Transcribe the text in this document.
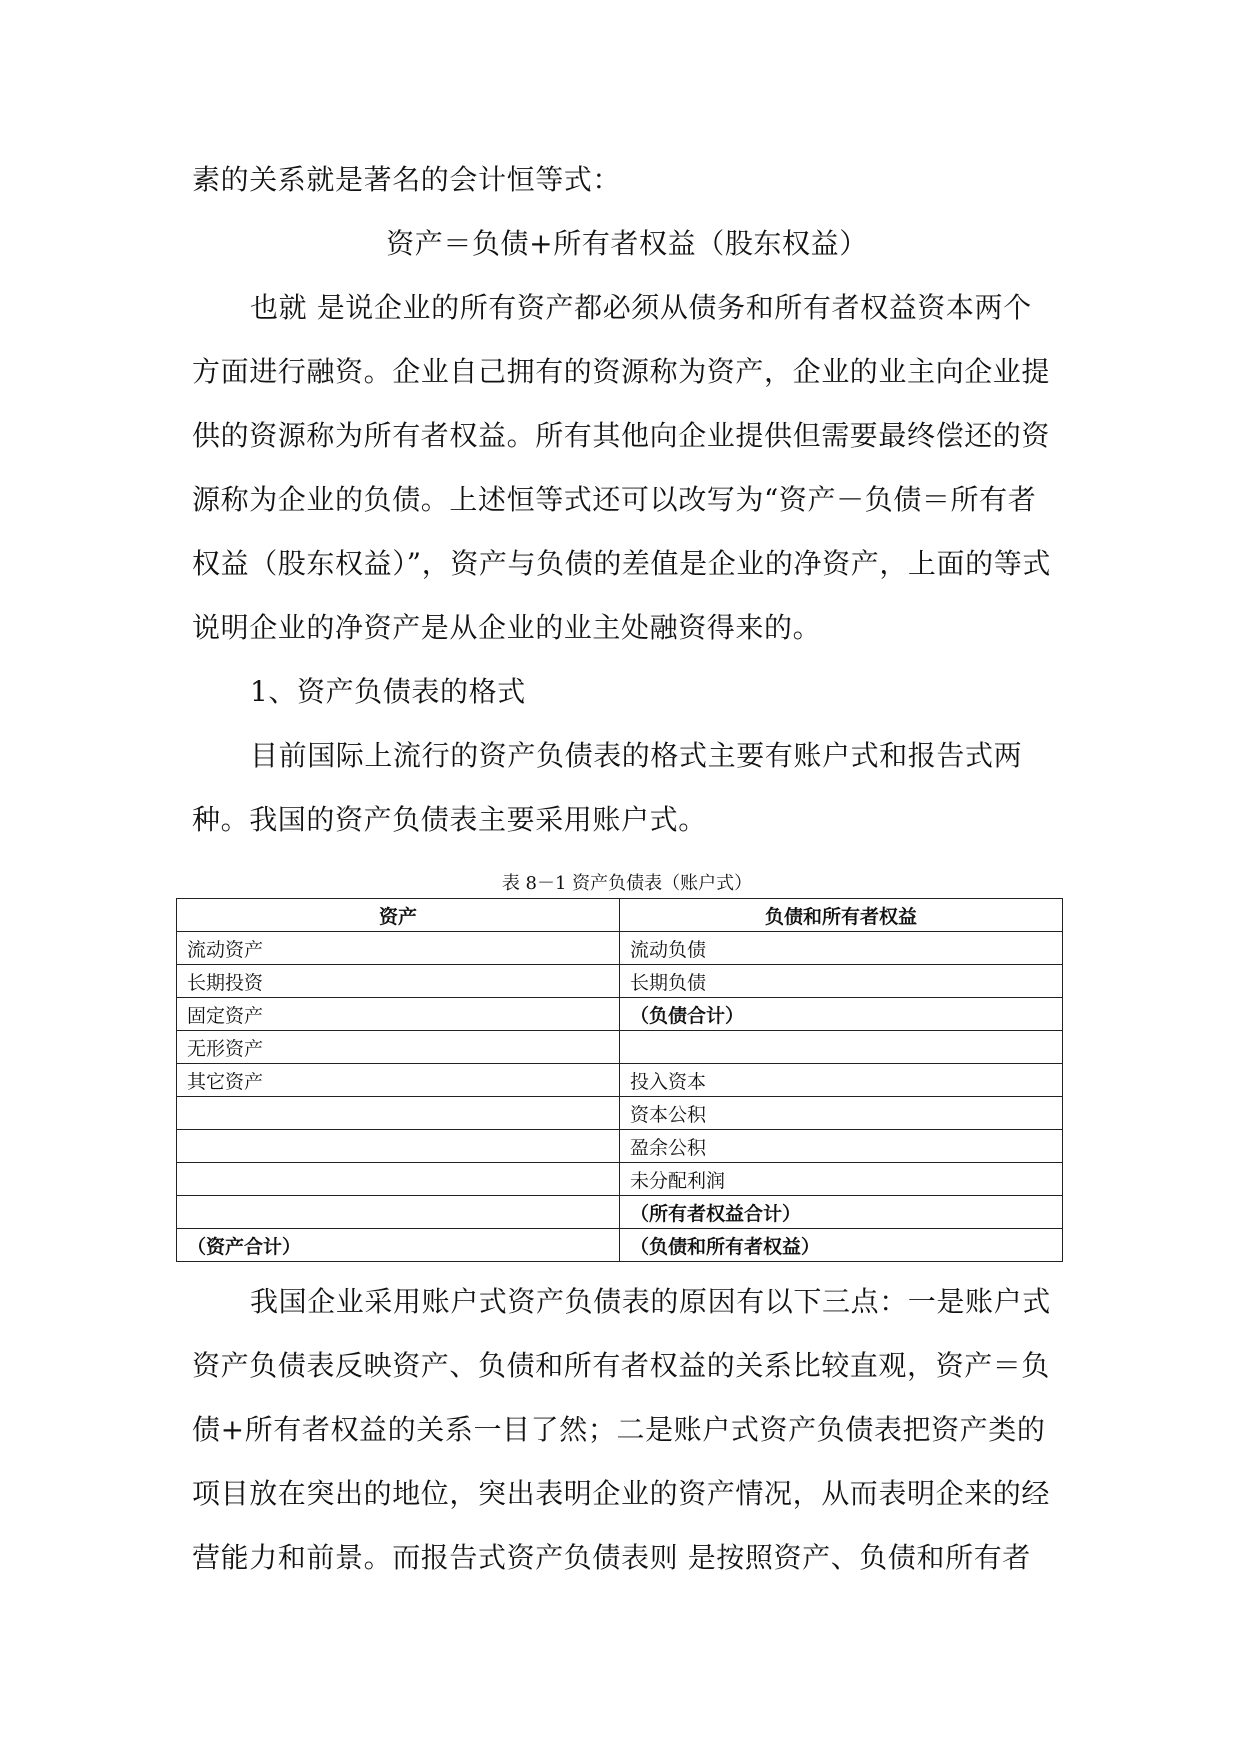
素的关系就是著名的会计恒等式：
资产＝负债+所有者权益（股东权益）
也就 是说企业的所有资产都必须从债务和所有者权益资本两个
方面进行融资。企业自己拥有的资源称为资产，企业的业主向企业提
供的资源称为所有者权益。所有其他向企业提供但需要最终偿还的资
源称为企业的负债。上述恒等式还可以改写为“资产－负债＝所有者
权益（股东权益）”，资产与负债的差值是企业的净资产，上面的等式
说明企业的净资产是从企业的业主处融资得来的。
1、资产负债表的格式
目前国际上流行的资产负债表的格式主要有账户式和报告式两
种。我国的资产负债表主要采用账户式。
表 8－1 资产负债表（账户式）
资产	负债和所有者权益
流动资产	流动负债
长期投资	长期负债
固定资产	（负债合计）
无形资产	
其它资产	投入资本
	资本公积
	盈余公积
	未分配利润
	（所有者权益合计）
（资产合计）	（负债和所有者权益）
我国企业采用账户式资产负债表的原因有以下三点：一是账户式
资产负债表反映资产、负债和所有者权益的关系比较直观，资产＝负
债+所有者权益的关系一目了然；二是账户式资产负债表把资产类的
项目放在突出的地位，突出表明企业的资产情况，从而表明企来的经
营能力和前景。而报告式资产负债表则 是按照资产、负债和所有者
